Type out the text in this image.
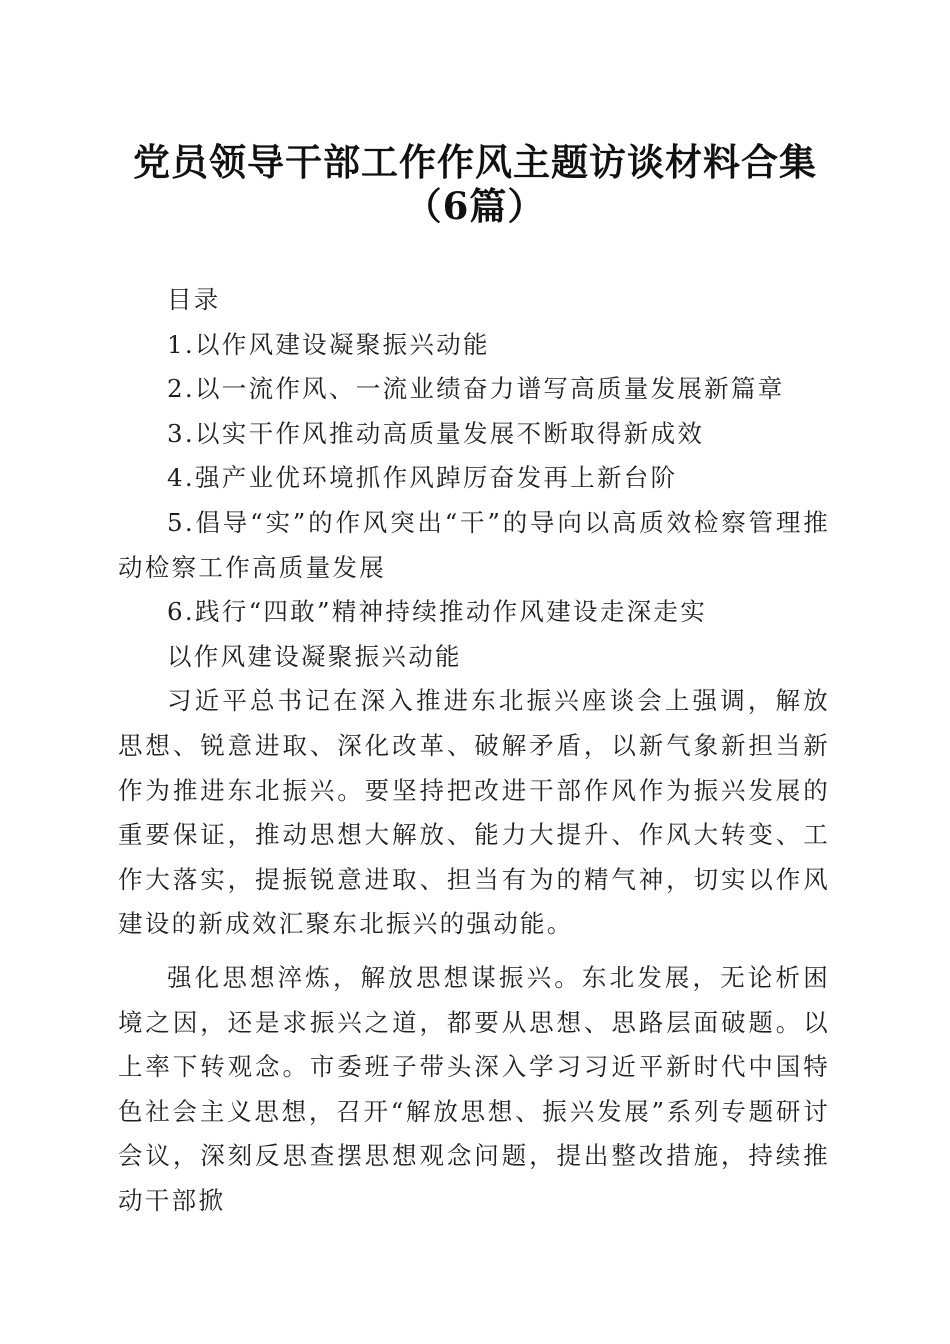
党员领导干部工作作风主题访谈材料合集（6篇）

目录

1.以作风建设凝聚振兴动能

2.以一流作风、一流业绩奋力谱写高质量发展新篇章

3.以实干作风推动高质量发展不断取得新成效

4.强产业优环境抓作风踔厉奋发再上新台阶

5.倡导“实”的作风突出“干”的导向以高质效检察管理推动检察工作高质量发展

6.践行“四敢”精神持续推动作风建设走深走实

以作风建设凝聚振兴动能

习近平总书记在深入推进东北振兴座谈会上强调，解放思想、锐意进取、深化改革、破解矛盾，以新气象新担当新作为推进东北振兴。要坚持把改进干部作风作为振兴发展的重要保证，推动思想大解放、能力大提升、作风大转变、工作大落实，提振锐意进取、担当有为的精气神，切实以作风建设的新成效汇聚东北振兴的强动能。

强化思想淬炼，解放思想谋振兴。东北发展，无论析困境之因，还是求振兴之道，都要从思想、思路层面破题。以上率下转观念。市委班子带头深入学习习近平新时代中国特色社会主义思想，召开“解放思想、振兴发展”系列专题研讨会议，深刻反思查摆思想观念问题，提出整改措施，持续推动干部掀
